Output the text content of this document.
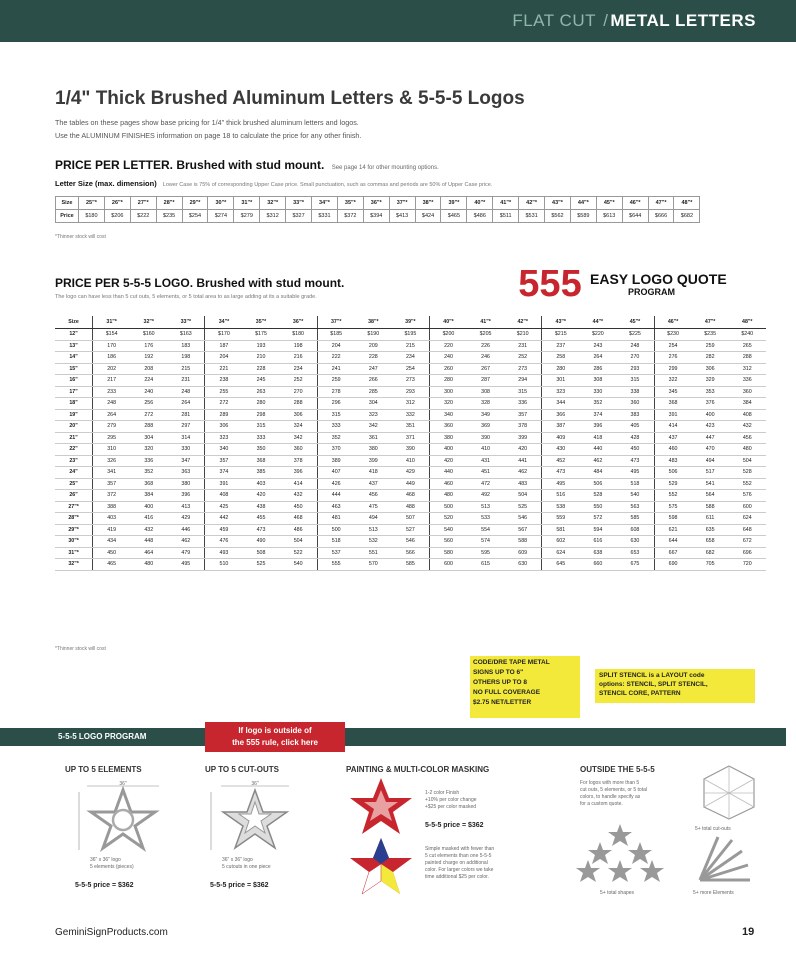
FLAT CUT / METAL LETTERS
1/4" Thick Brushed Aluminum Letters & 5-5-5 Logos
The tables on these pages show base pricing for 1/4" thick brushed aluminum letters and logos.
Use the ALUMINUM FINISHES information on page 18 to calculate the price for any other finish.
PRICE PER LETTER. Brushed with stud mount. See page 14 for other mounting options.
Letter Size (max. dimension) Lower Case is 75% of corresponding Upper Case price. Small punctuation, such as commas and periods are 50% of Upper Case price.
Size	25"*	26"*	27"*	28"*	29"*	30"*	31"*	32"*	33"*	34"*	35"*	36"*	37"*	38"*	39"*	40"*	41"*	42"*	43"*	44"*	45"*	46"*	47"*	48"*
Price	$180	$206	$222	$235	$254	$274	$279	$312	$327	$331	$372	$394	$413	$424	$465	$486	$511	$531	$562	$589	$613	$644	$666	$682
*Thinner stock will cost
PRICE PER 5-5-5 LOGO. Brushed with stud mount.
The logo can have less than 5 cut outs, 5 elements, or 5 total area to as large adding at its a suitable grade.	555 EASY LOGO QUOTE
PROGRAM
Size	31"*	32"*	33"*	34"*	35"*	36"*	37"*	38"*	39"*	40"*	41"*	42"*	43"*	44"*	45"*	46"*	47"*	48"*
12"	$154	$160	$163	$170	$175	$180	$185	$190	$195	$200	$205	$210	$215	$220	$225	$230	$235	$240
13"	170	176	183	187	193	198	204	209	215	220	226	231	237	243	248	254	259	265
14"	186	192	198	204	210	216	222	228	234	240	246	252	258	264	270	276	282	288
15"	202	208	215	221	228	234	241	247	254	260	267	273	280	286	293	299	306	312
16"	217	224	231	238	245	252	259	266	273	280	287	294	301	308	315	322	329	336
17"	233	240	248	255	263	270	278	285	293	300	308	315	323	330	338	345	353	360
18"	248	256	264	272	280	288	296	304	312	320	328	336	344	352	360	368	376	384
19"	264	272	281	289	298	306	315	323	332	340	349	357	366	374	383	391	400	408
20"	279	288	297	306	315	324	333	342	351	360	369	378	387	396	405	414	423	432
21"	295	304	314	323	333	342	352	361	371	380	390	399	409	418	428	437	447	456
22"	310	320	330	340	350	360	370	380	390	400	410	420	430	440	450	460	470	480
23"	326	336	347	357	368	378	389	399	410	420	431	441	452	462	473	483	494	504
24"	341	352	363	374	385	396	407	418	429	440	451	462	473	484	495	506	517	528
25"	357	368	380	391	403	414	426	437	449	460	472	483	495	506	518	529	541	552
26"	372	384	396	408	420	432	444	456	468	480	492	504	516	528	540	552	564	576
27"*	388	400	413	425	438	450	463	475	488	500	513	525	538	550	563	575	588	600
28"*	403	416	429	442	455	468	481	494	507	520	533	546	559	572	585	598	611	624
29"*	419	432	446	459	473	486	500	513	527	540	554	567	581	594	608	621	635	648
30"*	434	448	462	476	490	504	518	532	546	560	574	588	602	616	630	644	658	672
31"*	450	464	479	493	508	522	537	551	566	580	595	609	624	638	653	667	682	696
32"*	465	480	495	510	525	540	555	570	585	600	615	630	645	660	675	690	705	720
*Thinner stock will cost
CODE/DRE TAPE METAL
SIGNS UP TO 6"
OTHERS UP TO 8
NO FULL COVERAGE
$2.75 NET/LETTER
SPLIT STENCIL is a LAYOUT code
options: STENCIL, SPLIT STENCIL,
STENCIL CORE, PATTERN
5-5-5 LOGO PROGRAM
If logo is outside of
the 555 rule, click here
UP TO 5 ELEMENTS
36"
36" x 36" logo
5 elements (pieces)
5-5-5 price = $362
UP TO 5 CUT-OUTS
36"
36" x 36" logo
5 cutouts in one piece
5-5-5 price = $362
PAINTING & MULTI-COLOR MASKING
1-2 color Finish
+10% per color change
+$25 per color masked
5-5-5 price = $362
Simple masked with fewer than
5 cut elements than one 5-5-5
painted charge on additional
color. For larger colors we take
time additional $25 per color.
OUTSIDE THE 5-5-5
For logos with more than 5
cut outs, 5 elements, or 5 total
colors, to handle specify as
for a custom quote.
5+ total cut-outs
5+ total shapes	5+ more Elements
GeminiSignProducts.com	19
